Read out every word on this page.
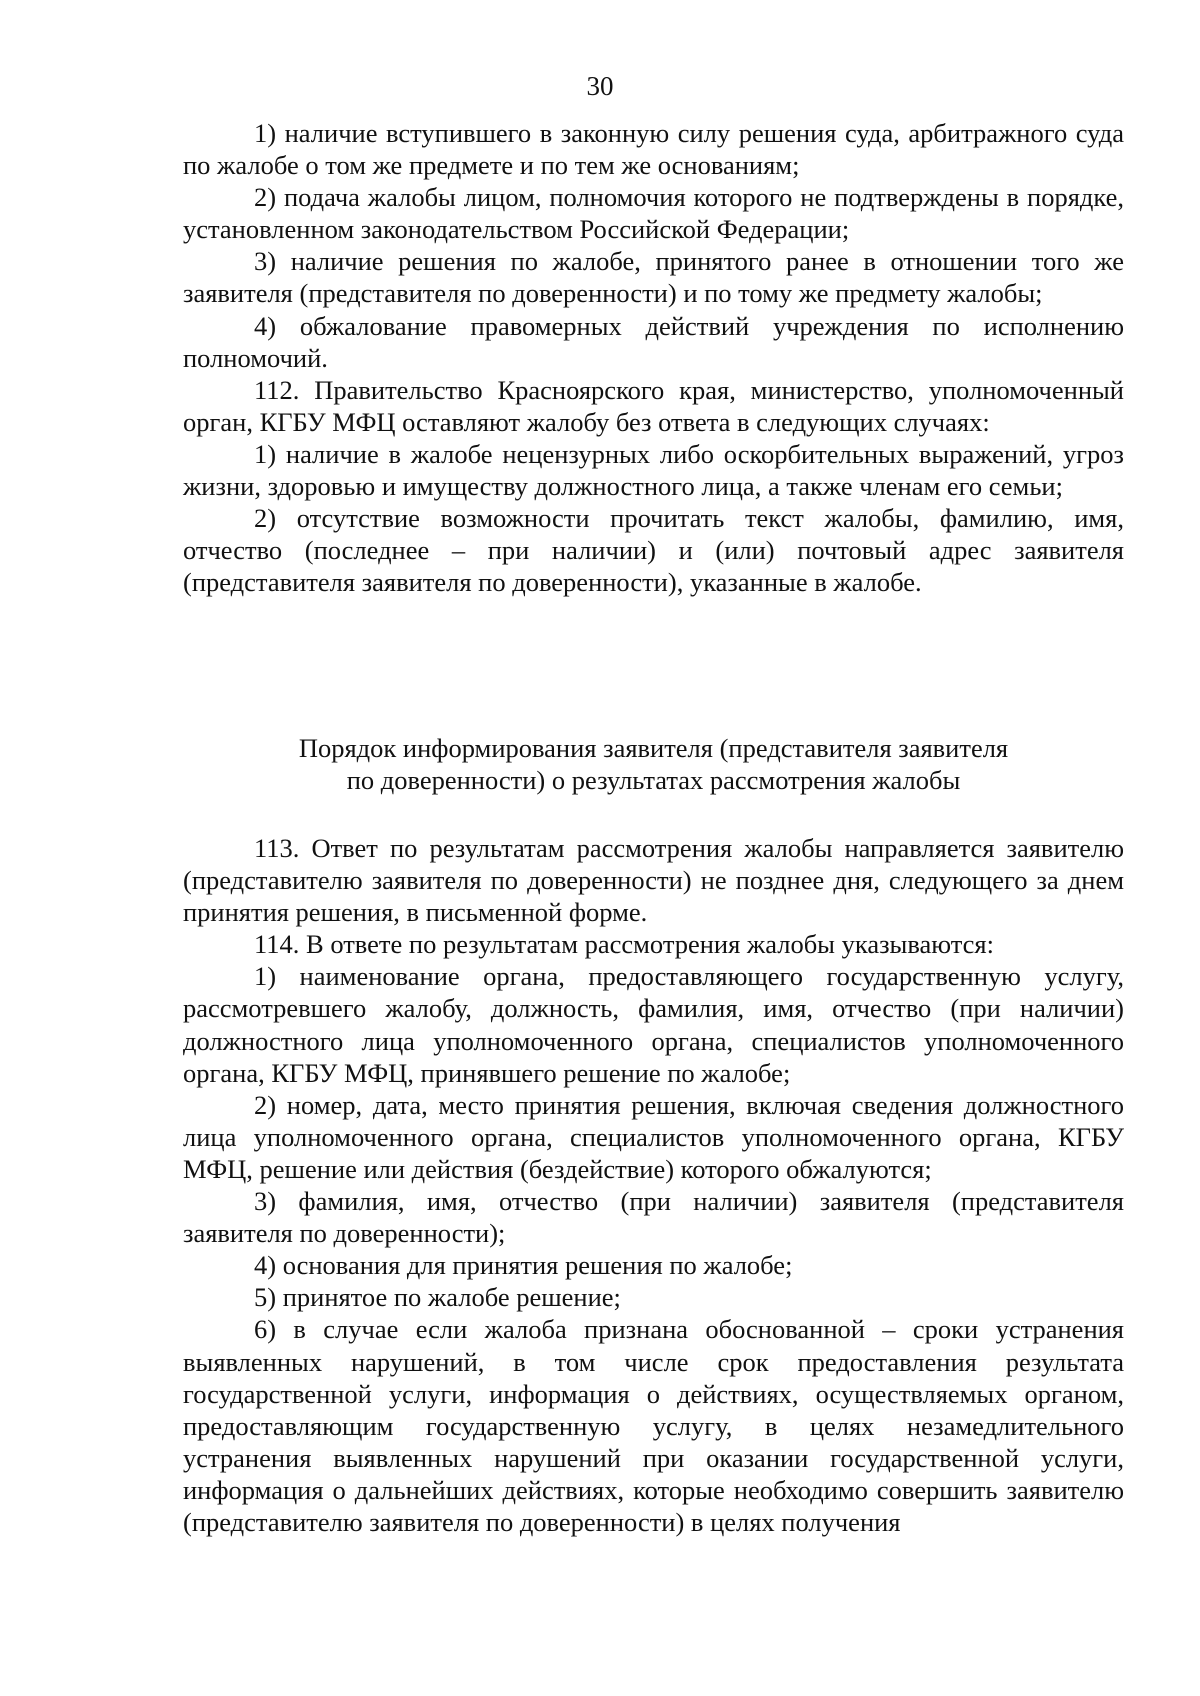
30

1) наличие вступившего в законную силу решения суда, арбитражного суда по жалобе о том же предмете и по тем же основаниям;

2) подача жалобы лицом, полномочия которого не подтверждены в порядке, установленном законодательством Российской Федерации;

3) наличие решения по жалобе, принятого ранее в отношении того же заявителя (представителя по доверенности) и по тому же предмету жалобы;

4) обжалование правомерных действий учреждения по исполнению полномочий.

112. Правительство Красноярского края, министерство, уполномоченный орган, КГБУ МФЦ оставляют жалобу без ответа в следующих случаях:

1) наличие в жалобе нецензурных либо оскорбительных выражений, угроз жизни, здоровью и имуществу должностного лица, а также членам его семьи;

2) отсутствие возможности прочитать текст жалобы, фамилию, имя, отчество (последнее – при наличии) и (или) почтовый адрес заявителя (представителя заявителя по доверенности), указанные в жалобе.

Порядок информирования заявителя (представителя заявителя
по доверенности) о результатах рассмотрения жалобы

113. Ответ по результатам рассмотрения жалобы направляется заявителю (представителю заявителя по доверенности) не позднее дня, следующего за днем принятия решения, в письменной форме.

114. В ответе по результатам рассмотрения жалобы указываются:

1) наименование органа, предоставляющего государственную услугу, рассмотревшего жалобу, должность, фамилия, имя, отчество (при наличии) должностного лица уполномоченного органа, специалистов уполномоченного органа, КГБУ МФЦ, принявшего решение по жалобе;

2) номер, дата, место принятия решения, включая сведения должностного лица уполномоченного органа, специалистов уполномоченного органа, КГБУ МФЦ, решение или действия (бездействие) которого обжалуются;

3) фамилия, имя, отчество (при наличии) заявителя (представителя заявителя по доверенности);

4) основания для принятия решения по жалобе;

5) принятое по жалобе решение;

6) в случае если жалоба признана обоснованной – сроки устранения выявленных нарушений, в том числе срок предоставления результата государственной услуги, информация о действиях, осуществляемых органом, предоставляющим государственную услугу, в целях незамедлительного устранения выявленных нарушений при оказании государственной услуги, информация о дальнейших действиях, которые необходимо совершить заявителю (представителю заявителя по доверенности) в целях получения
